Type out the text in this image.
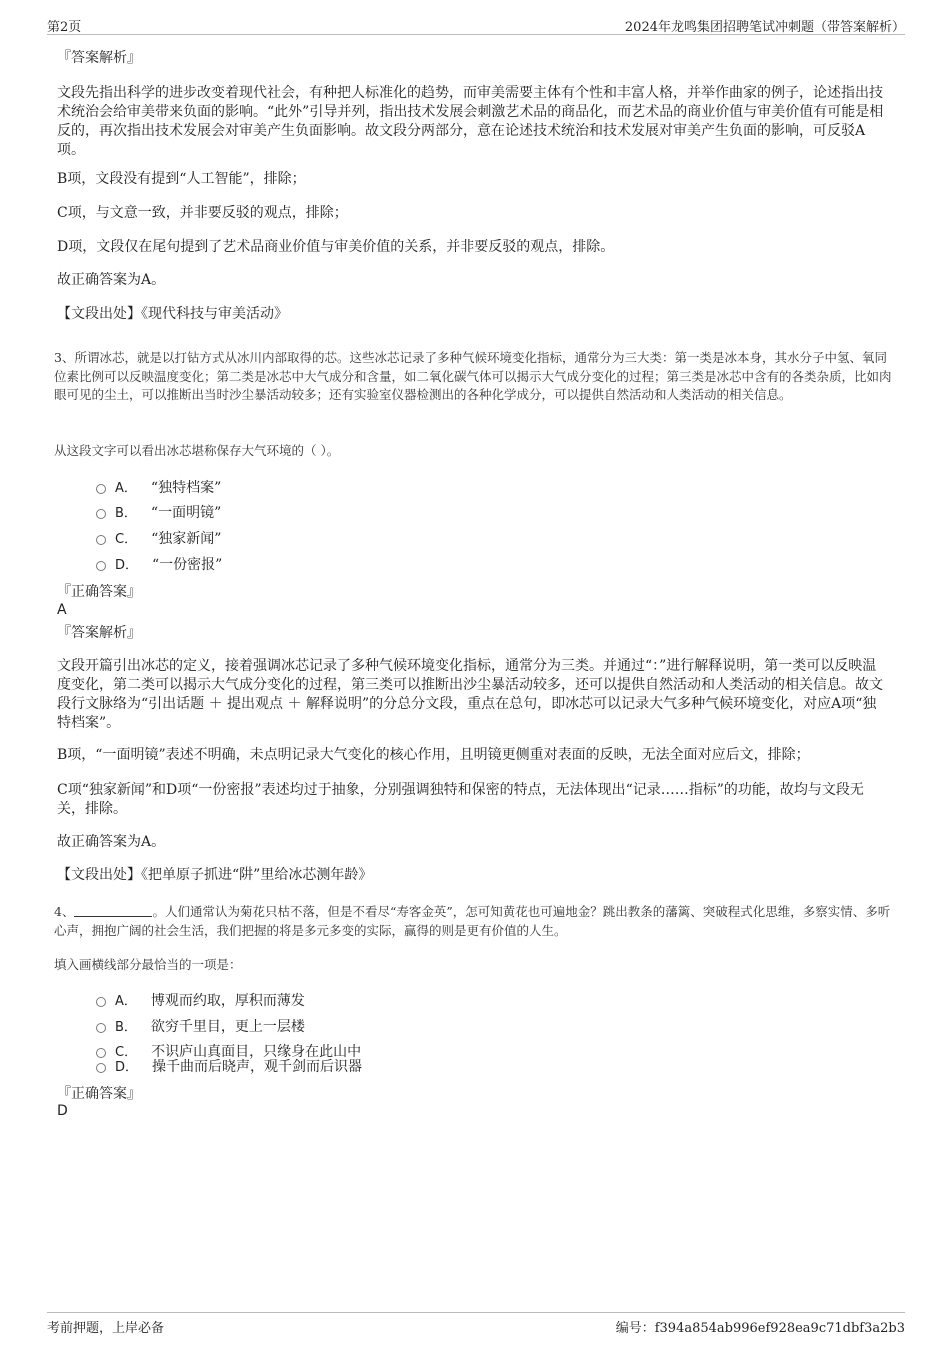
第2页	2024年龙鸣集团招聘笔试冲刺题（带答案解析）

『答案解析』

文段先指出科学的进步改变着现代社会，有种把人标准化的趋势，而审美需要主体有个性和丰富人格，并举作曲家的例子，论述指出技术统治会给审美带来负面的影响。“此外”引导并列，指出技术发展会刺激艺术品的商品化，而艺术品的商业价值与审美价值有可能是相反的，再次指出技术发展会对审美产生负面影响。故文段分两部分，意在论述技术统治和技术发展对审美产生负面的影响，可反驳A项。

B项，文段没有提到“人工智能”，排除；

C项，与文意一致，并非要反驳的观点，排除；

D项，文段仅在尾句提到了艺术品商业价值与审美价值的关系，并非要反驳的观点，排除。

故正确答案为A。

【文段出处】《现代科技与审美活动》

3、所谓冰芯，就是以打钻方式从冰川内部取得的芯。这些冰芯记录了多种气候环境变化指标，通常分为三大类：第一类是冰本身，其水分子中氢、氧同位素比例可以反映温度变化；第二类是冰芯中大气成分和含量，如二氧化碳气体可以揭示大气成分变化的过程；第三类是冰芯中含有的各类杂质，比如肉眼可见的尘土，可以推断出当时沙尘暴活动较多；还有实验室仪器检测出的各种化学成分，可以提供自然活动和人类活动的相关信息。

从这段文字可以看出冰芯堪称保存大气环境的（ ）。

A． “独特档案”
B． “一面明镜”
C． “独家新闻”
D． “一份密报”

『正确答案』

A

『答案解析』

文段开篇引出冰芯的定义，接着强调冰芯记录了多种气候环境变化指标，通常分为三类。并通过“：”进行解释说明，第一类可以反映温度变化，第二类可以揭示大气成分变化的过程，第三类可以推断出沙尘暴活动较多，还可以提供自然活动和人类活动的相关信息。故文段行文脉络为“引出话题 ＋ 提出观点 ＋ 解释说明”的分总分文段，重点在总句，即冰芯可以记录大气多种气候环境变化，对应A项“独特档案”。

B项，“一面明镜”表述不明确，未点明记录大气变化的核心作用，且明镜更侧重对表面的反映，无法全面对应后文，排除；

C项“独家新闻”和D项“一份密报”表述均过于抽象，分别强调独特和保密的特点，无法体现出“记录……指标”的功能，故均与文段无关，排除。

故正确答案为A。

【文段出处】《把单原子抓进“阱”里给冰芯测年龄》

4、	。人们通常认为菊花只枯不落，但是不看尽“寿客金英”，怎可知黄花也可遍地金？跳出教条的藩篱、突破程式化思维，多察实情、多听心声，拥抱广阔的社会生活，我们把握的将是多元多变的实际，赢得的则是更有价值的人生。

填入画横线部分最恰当的一项是：

A． 博观而约取，厚积而薄发
B． 欲穷千里目，更上一层楼
C． 不识庐山真面目，只缘身在此山中
D． 操千曲而后晓声，观千剑而后识器

『正确答案』

D

考前押题，上岸必备	编号：f394a854ab996ef928ea9c71dbf3a2b3
